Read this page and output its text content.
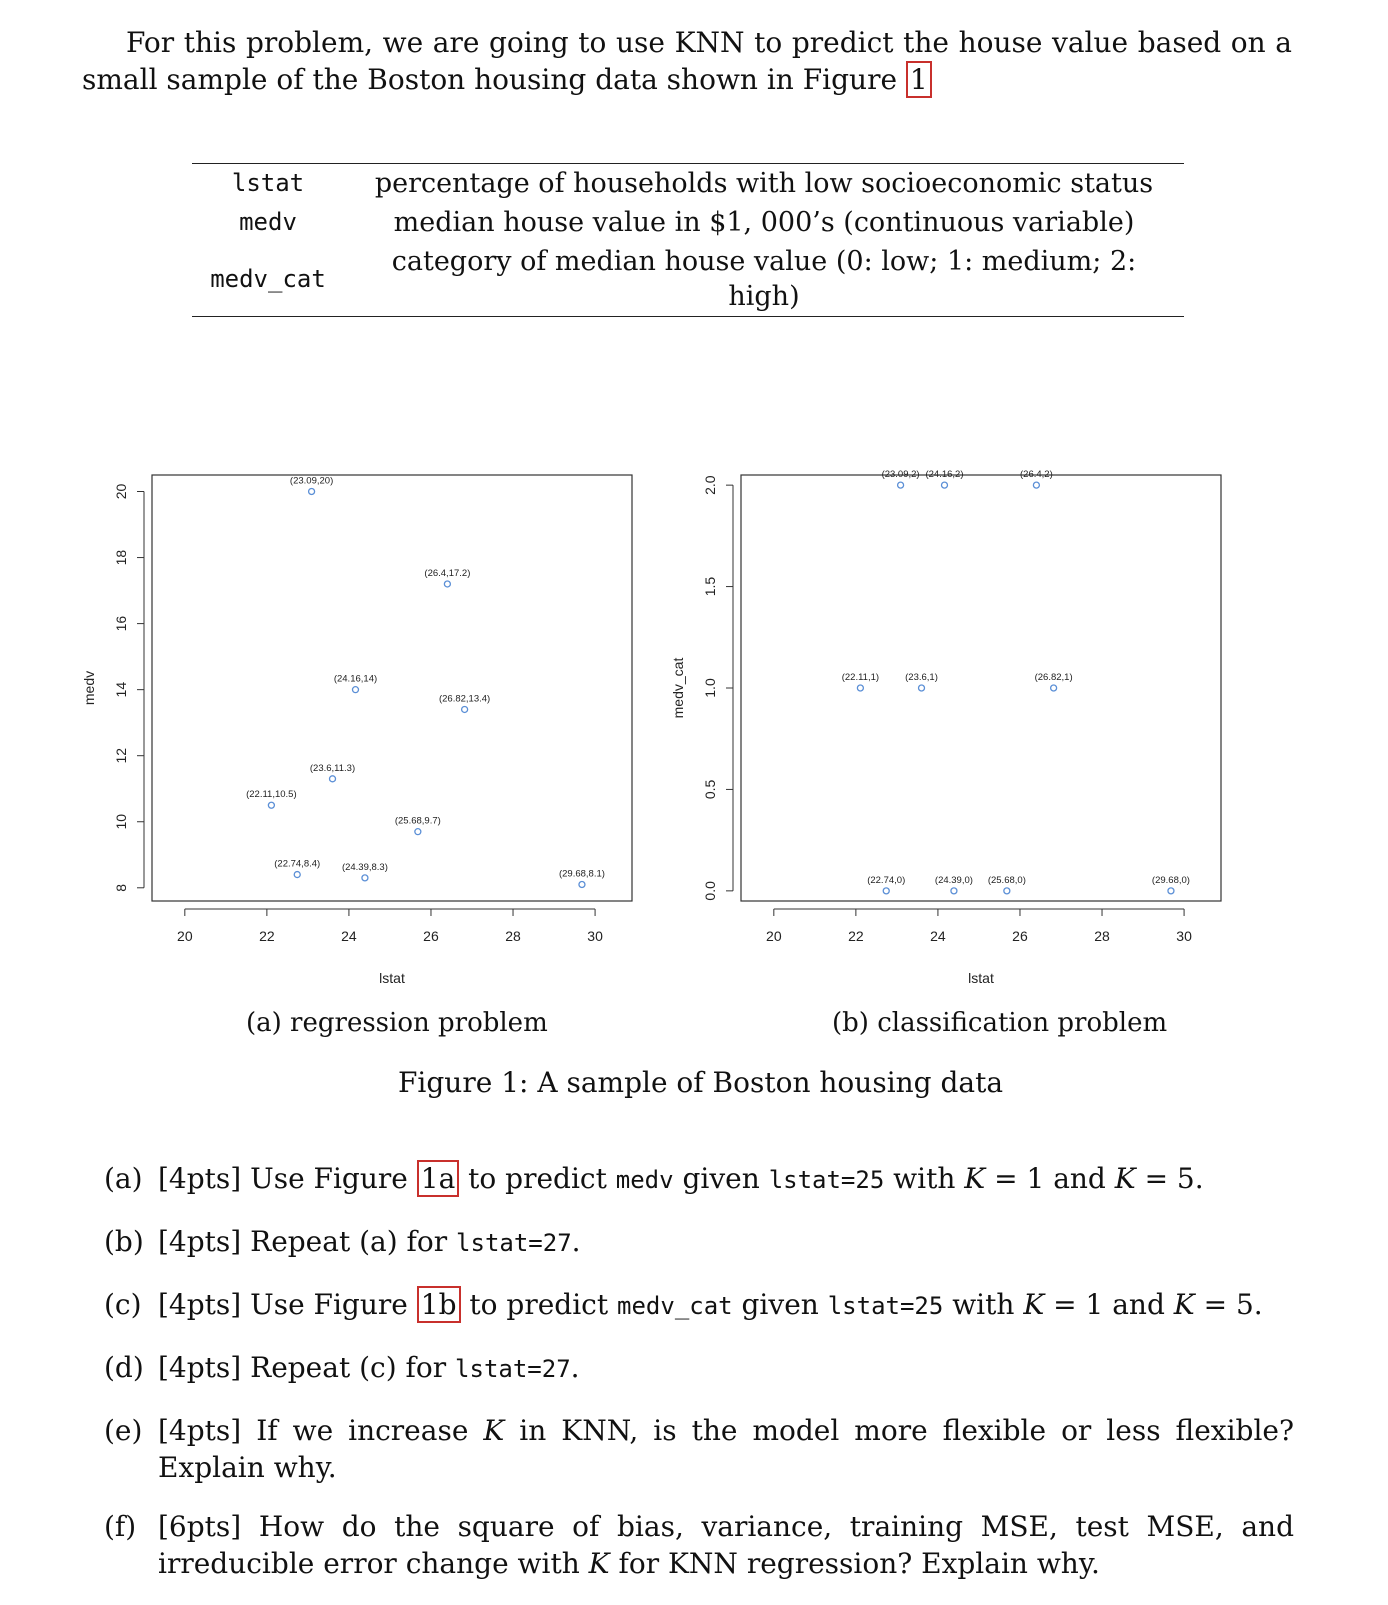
For this problem, we are going to use KNN to predict the house value based on a small sample of the Boston housing data shown in Figure 1
lstat	percentage of households with low socioeconomic status
medv	median house value in $1, 000’s (continuous variable)
medv_cat	category of median house value (0: low; 1: medium; 2: high)
20	22	24	26	28	30
8
10
12
14
16
18
20
lstat
medv
(23.09,20)
(26.4,17.2)
(24.16,14)
(26.82,13.4)
(23.6,11.3)
(22.11,10.5)
(25.68,9.7)
(22.74,8.4) (24.39,8.3)
(29.68,8.1)
20	22	24	26	28	30
0.0
0.5
1.0
1.5
2.0
lstat
medv_cat
(23.09,2) (24.16,2)	(26.4,2)
(22.11,1)	(23.6,1)	(26.82,1)
(22.74,0)	(24.39,0) (25.68,0)	(29.68,0)
(a) regression problem	(b) classification problem
Figure 1: A sample of Boston housing data
(a) [4pts] Use Figure 1a to predict medv given lstat=25 with K = 1 and K = 5.
(b) [4pts] Repeat (a) for lstat=27.
(c) [4pts] Use Figure 1b to predict medv_cat given lstat=25 with K = 1 and K = 5.
(d) [4pts] Repeat (c) for lstat=27.
(e) [4pts] If we increase K in KNN, is the model more flexible or less flexible? Explain why.
(f) [6pts] How do the square of bias, variance, training MSE, test MSE, and irreducible error change with K for KNN regression? Explain why.
